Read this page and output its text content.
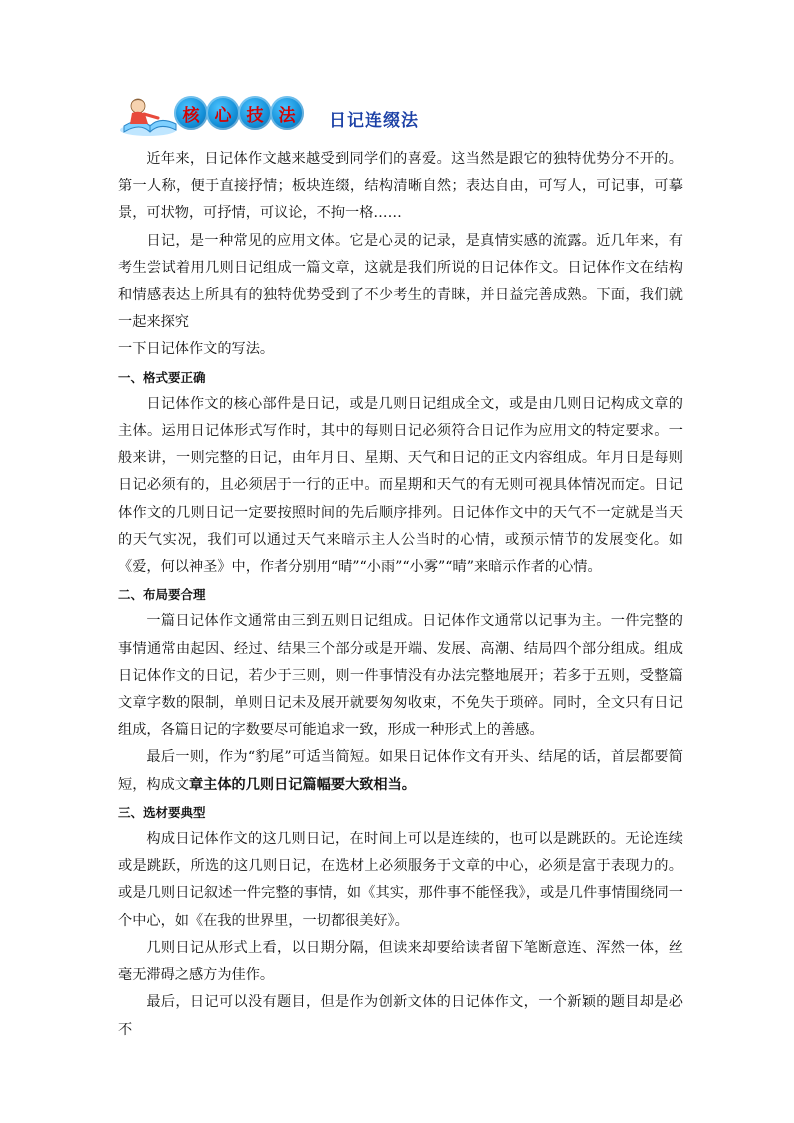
核 心 技 法	日记连缀法

近年来，日记体作文越来越受到同学们的喜爱。这当然是跟它的独特优势分不开的。第一人称，便于直接抒情；板块连缀，结构清晰自然；表达自由，可写人，可记事，可摹景，可状物，可抒情，可议论，不拘一格……

日记，是一种常见的应用文体。它是心灵的记录，是真情实感的流露。近几年来，有考生尝试着用几则日记组成一篇文章，这就是我们所说的日记体作文。日记体作文在结构和情感表达上所具有的独特优势受到了不少考生的青睐，并日益完善成熟。下面，我们就一起来探究

一下日记体作文的写法。

一、格式要正确

日记体作文的核心部件是日记，或是几则日记组成全文，或是由几则日记构成文章的主体。运用日记体形式写作时，其中的每则日记必须符合日记作为应用文的特定要求。一般来讲，一则完整的日记，由年月日、星期、天气和日记的正文内容组成。年月日是每则日记必须有的，且必须居于一行的正中。而星期和天气的有无则可视具体情况而定。日记体作文的几则日记一定要按照时间的先后顺序排列。日记体作文中的天气不一定就是当天的天气实况，我们可以通过天气来暗示主人公当时的心情，或预示情节的发展变化。如《爱，何以神圣》中，作者分别用“晴”“小雨”“小雾”“晴”来暗示作者的心情。

二、布局要合理

一篇日记体作文通常由三到五则日记组成。日记体作文通常以记事为主。一件完整的事情通常由起因、经过、结果三个部分或是开端、发展、高潮、结局四个部分组成。组成日记体作文的日记，若少于三则，则一件事情没有办法完整地展开；若多于五则，受整篇文章字数的限制，单则日记未及展开就要匆匆收束，不免失于琐碎。同时，全文只有日记组成，各篇日记的字数要尽可能追求一致，形成一种形式上的善感。

最后一则，作为“豹尾”可适当简短。如果日记体作文有开头、结尾的话，首层都要简短，构成文章主体的几则日记篇幅要大致相当。

三、选材要典型

构成日记体作文的这几则日记，在时间上可以是连续的，也可以是跳跃的。无论连续或是跳跃，所选的这几则日记，在选材上必须服务于文章的中心，必须是富于表现力的。或是几则日记叙述一件完整的事情，如《其实，那件事不能怪我》，或是几件事情围绕同一个中心，如《在我的世界里，一切都很美好》。

几则日记从形式上看，以日期分隔，但读来却要给读者留下笔断意连、浑然一体，丝毫无滞碍之感方为佳作。

最后，日记可以没有题目，但是作为创新文体的日记体作文，一个新颖的题目却是必不
